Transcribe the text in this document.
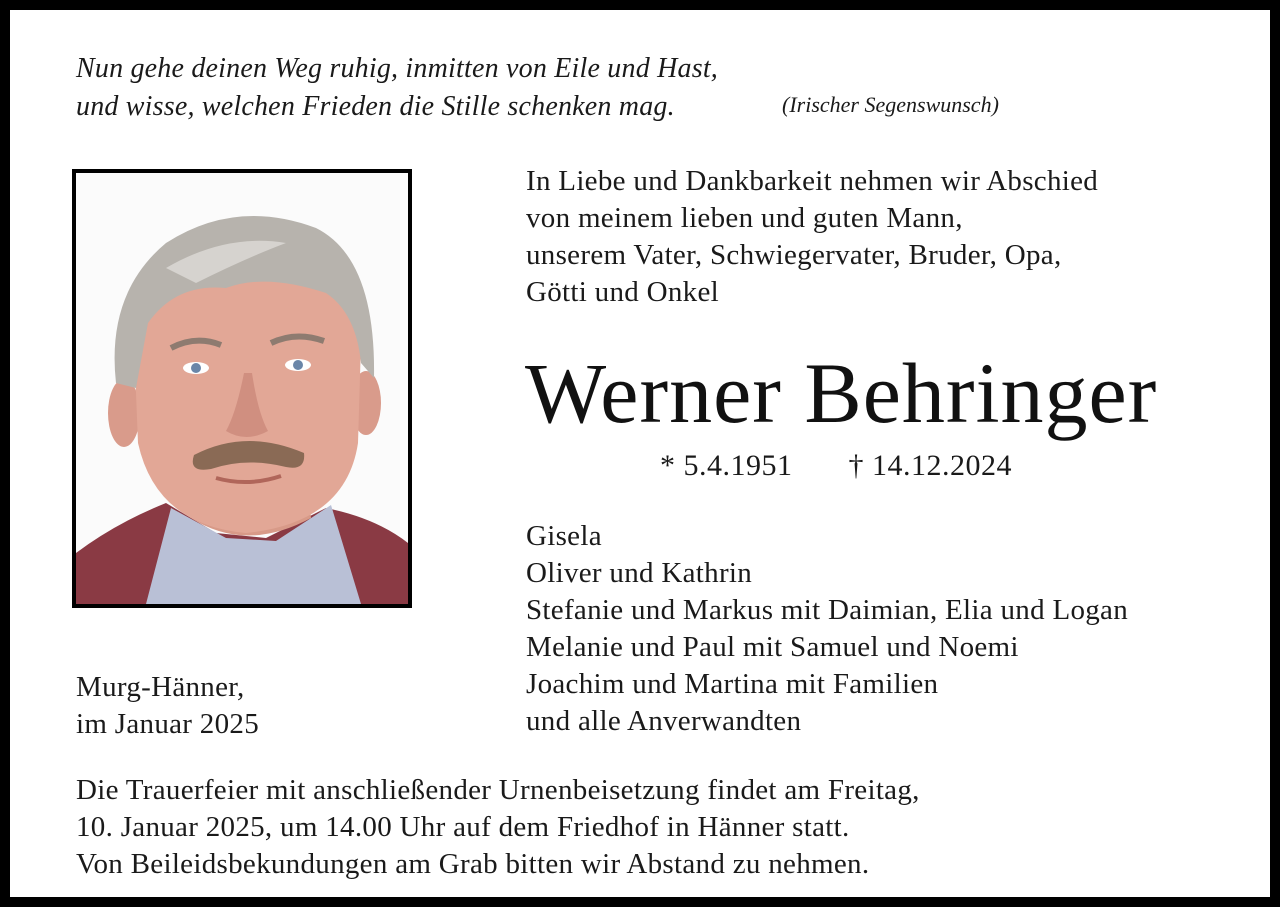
Nun gehe deinen Weg ruhig, inmitten von Eile und Hast,
und wisse, welchen Frieden die Stille schenken mag.	(Irischer Segenswunsch)

In Liebe und Dankbarkeit nehmen wir Abschied
von meinem lieben und guten Mann,
unserem Vater, Schwiegervater, Bruder, Opa,
Götti und Onkel

Werner Behringer

* 5.4.1951 † 14.12.2024

Gisela
Oliver und Kathrin
Stefanie und Markus mit Daimian, Elia und Logan
Melanie und Paul mit Samuel und Noemi
Joachim und Martina mit Familien
und alle Anverwandten

Murg-Hänner,
im Januar 2025

Die Trauerfeier mit anschließender Urnenbeisetzung findet am Freitag,
10. Januar 2025, um 14.00 Uhr auf dem Friedhof in Hänner statt.
Von Beileidsbekundungen am Grab bitten wir Abstand zu nehmen.
